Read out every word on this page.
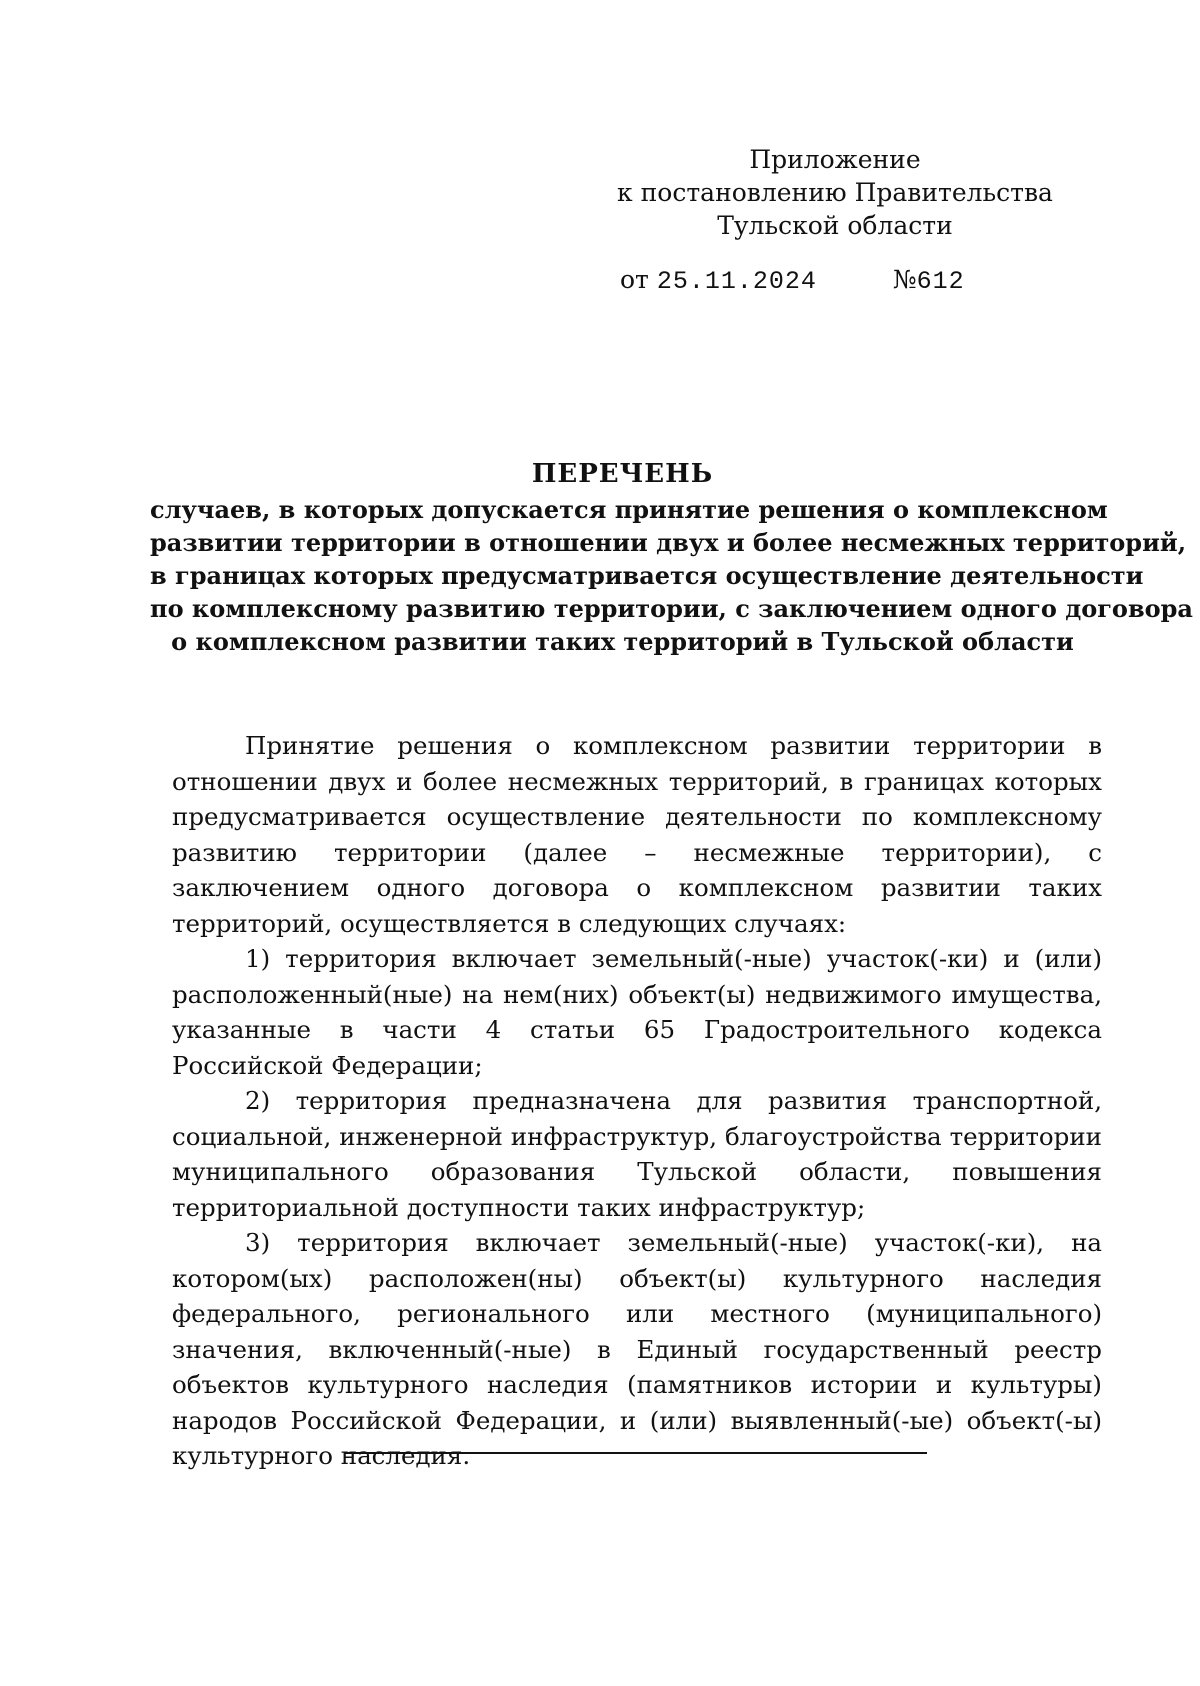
Приложение
к постановлению Правительства
Тульской области
от 25.11.2024	№612
ПЕРЕЧЕНЬ
случаев, в которых допускается принятие решения о комплексном
развитии территории в отношении двух и более несмежных территорий,
в границах которых предусматривается осуществление деятельности
по комплексному развитию территории, с заключением одного договора
о комплексном развитии таких территорий в Тульской области

Принятие решения о комплексном развитии территории в отношении двух и более несмежных территорий, в границах которых предусматривается осуществление деятельности по комплексному развитию территории (далее – несмежные территории), с заключением одного договора о комплексном развитии таких территорий, осуществляется в следующих случаях:

1) территория включает земельный(-ные) участок(-ки) и (или) расположенный(ные) на нем(них) объект(ы) недвижимого имущества, указанные в части 4 статьи 65 Градостроительного кодекса Российской Федерации;

2) территория предназначена для развития транспортной, социальной, инженерной инфраструктур, благоустройства территории муниципального образования Тульской области, повышения территориальной доступности таких инфраструктур;

3) территория включает земельный(-ные) участок(-ки), на котором(ых) расположен(ны) объект(ы) культурного наследия федерального, регионального или местного (муниципального) значения, включенный(-ные) в Единый государственный реестр объектов культурного наследия (памятников истории и культуры) народов Российской Федерации, и (или) выявленный(-ые) объект(-ы) культурного наследия.
